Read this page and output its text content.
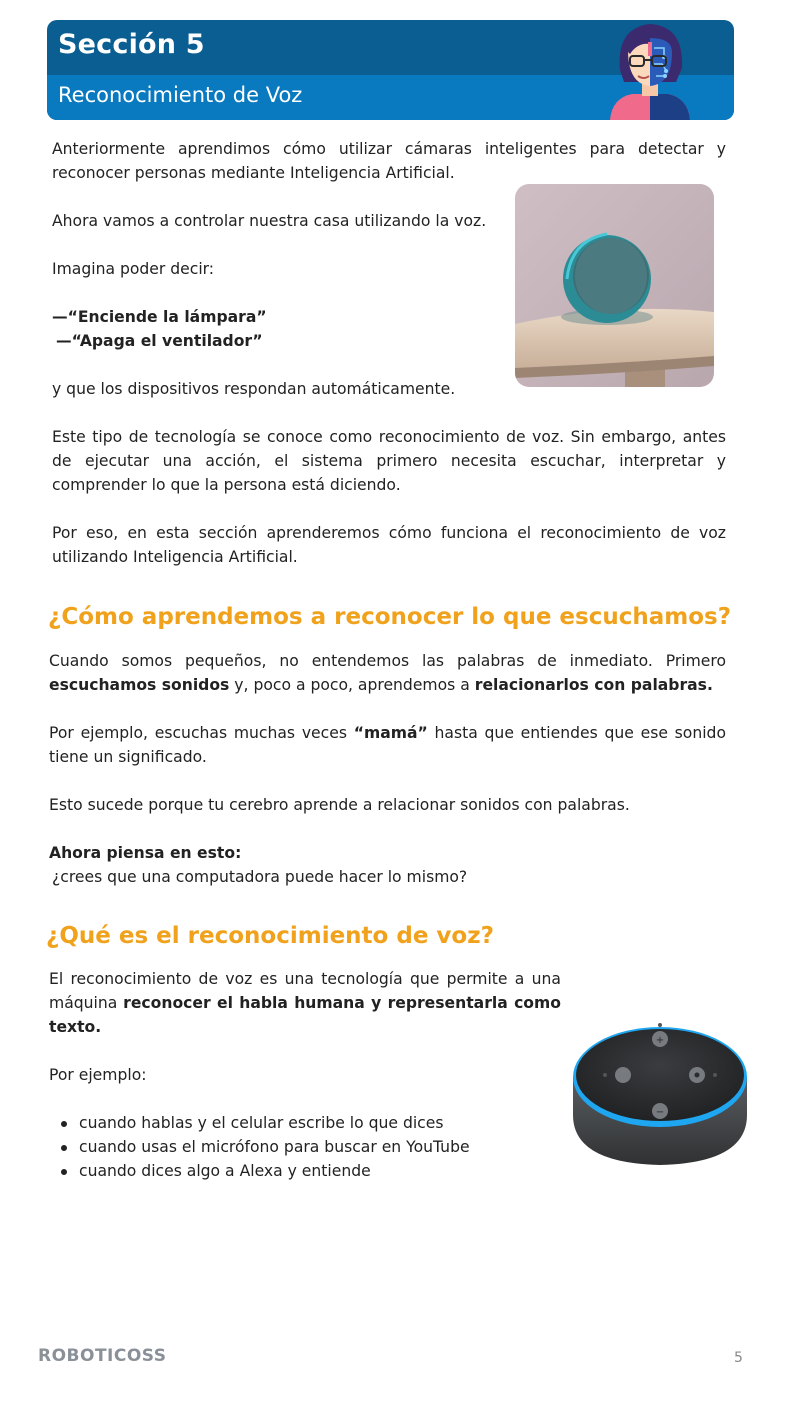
Sección 5
Reconocimiento de Voz
Anteriormente aprendimos cómo utilizar cámaras inteligentes para detectar y reconocer personas mediante Inteligencia Artificial.
Ahora vamos a controlar nuestra casa utilizando la voz.
Imagina poder decir:
—“Enciende la lámpara”
—“Apaga el ventilador”
y que los dispositivos respondan automáticamente.
Este tipo de tecnología se conoce como reconocimiento de voz. Sin embargo, antes de ejecutar una acción, el sistema primero necesita escuchar, interpretar y comprender lo que la persona está diciendo.
Por eso, en esta sección aprenderemos cómo funciona el reconocimiento de voz utilizando Inteligencia Artificial.
¿Cómo aprendemos a reconocer lo que escuchamos?
Cuando somos pequeños, no entendemos las palabras de inmediato. Primero escuchamos sonidos y, poco a poco, aprendemos a relacionarlos con palabras.
Por ejemplo, escuchas muchas veces “mamá” hasta que entiendes que ese sonido tiene un significado.
Esto sucede porque tu cerebro aprende a relacionar sonidos con palabras.
Ahora piensa en esto:
¿crees que una computadora puede hacer lo mismo?
¿Qué es el reconocimiento de voz?
El reconocimiento de voz es una tecnología que permite a una máquina reconocer el habla humana y representarla como texto.
Por ejemplo:
cuando hablas y el celular escribe lo que dices
cuando usas el micrófono para buscar en YouTube
cuando dices algo a Alexa y entiende
+
−
ROBOTICOSS	5
